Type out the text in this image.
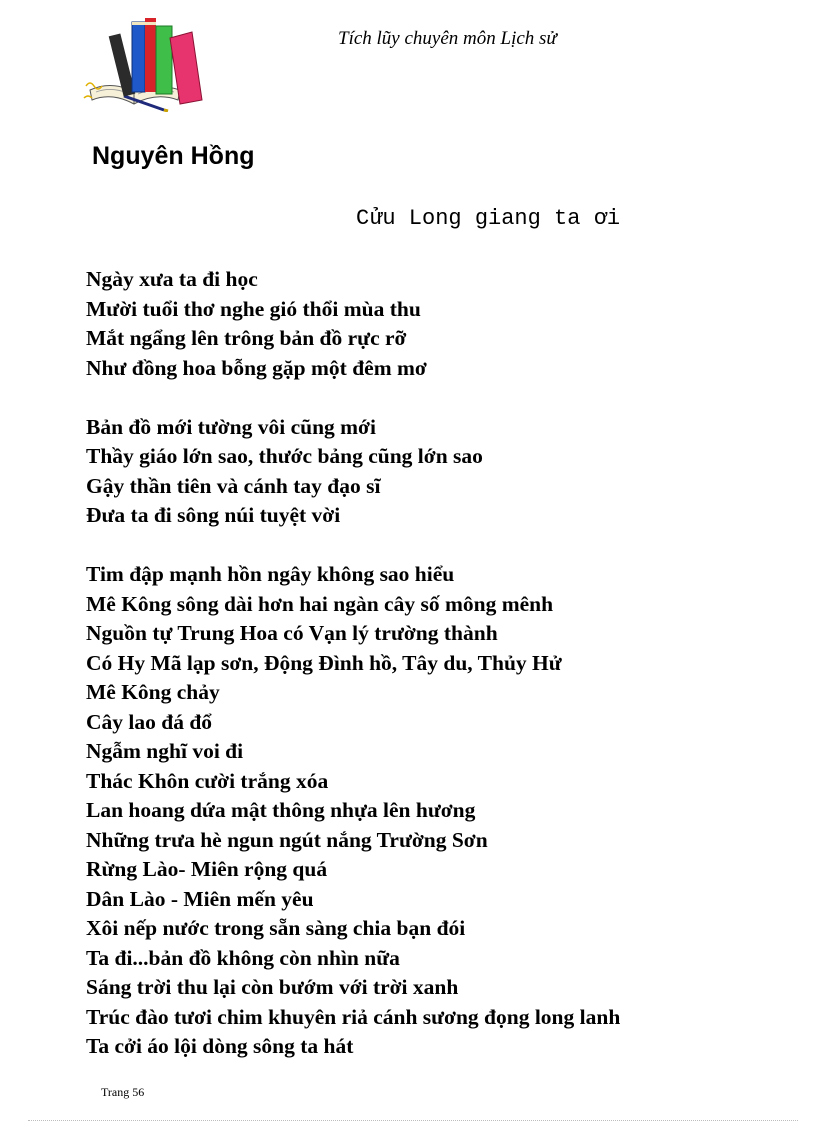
Tích lũy chuyên môn Lịch sử
Nguyên Hồng
Cửu Long giang ta ơi
Ngày xưa ta đi học
Mười tuổi thơ nghe gió thổi mùa thu
Mắt ngẩng lên trông bản đồ rực rỡ
Như đồng hoa bỗng gặp một đêm mơ
Bản đồ mới tường vôi cũng mới
Thầy giáo lớn sao, thước bảng cũng lớn sao
Gậy thần tiên và cánh tay đạo sĩ
Đưa ta đi sông núi tuyệt vời
Tim đập mạnh hồn ngây không sao hiểu
Mê Kông sông dài hơn hai ngàn cây số mông mênh
Nguồn tự Trung Hoa có Vạn lý trường thành
Có Hy Mã lạp sơn, Động Đình hồ, Tây du, Thủy Hử
Mê Kông chảy
Cây lao đá đổ
Ngẫm nghĩ voi đi
Thác Khôn cười trắng xóa
Lan hoang dứa mật thông nhựa lên hương
Những trưa hè ngun ngút nắng Trường Sơn
Rừng Lào- Miên rộng quá
Dân Lào - Miên mến yêu
Xôi nếp nước trong sẵn sàng chia bạn đói
Ta đi...bản đồ không còn nhìn nữa
Sáng trời thu lại còn bướm với trời xanh
Trúc đào tươi chim khuyên riả cánh sương đọng long lanh
Ta cởi áo lội dòng sông ta hát
Trang 56
